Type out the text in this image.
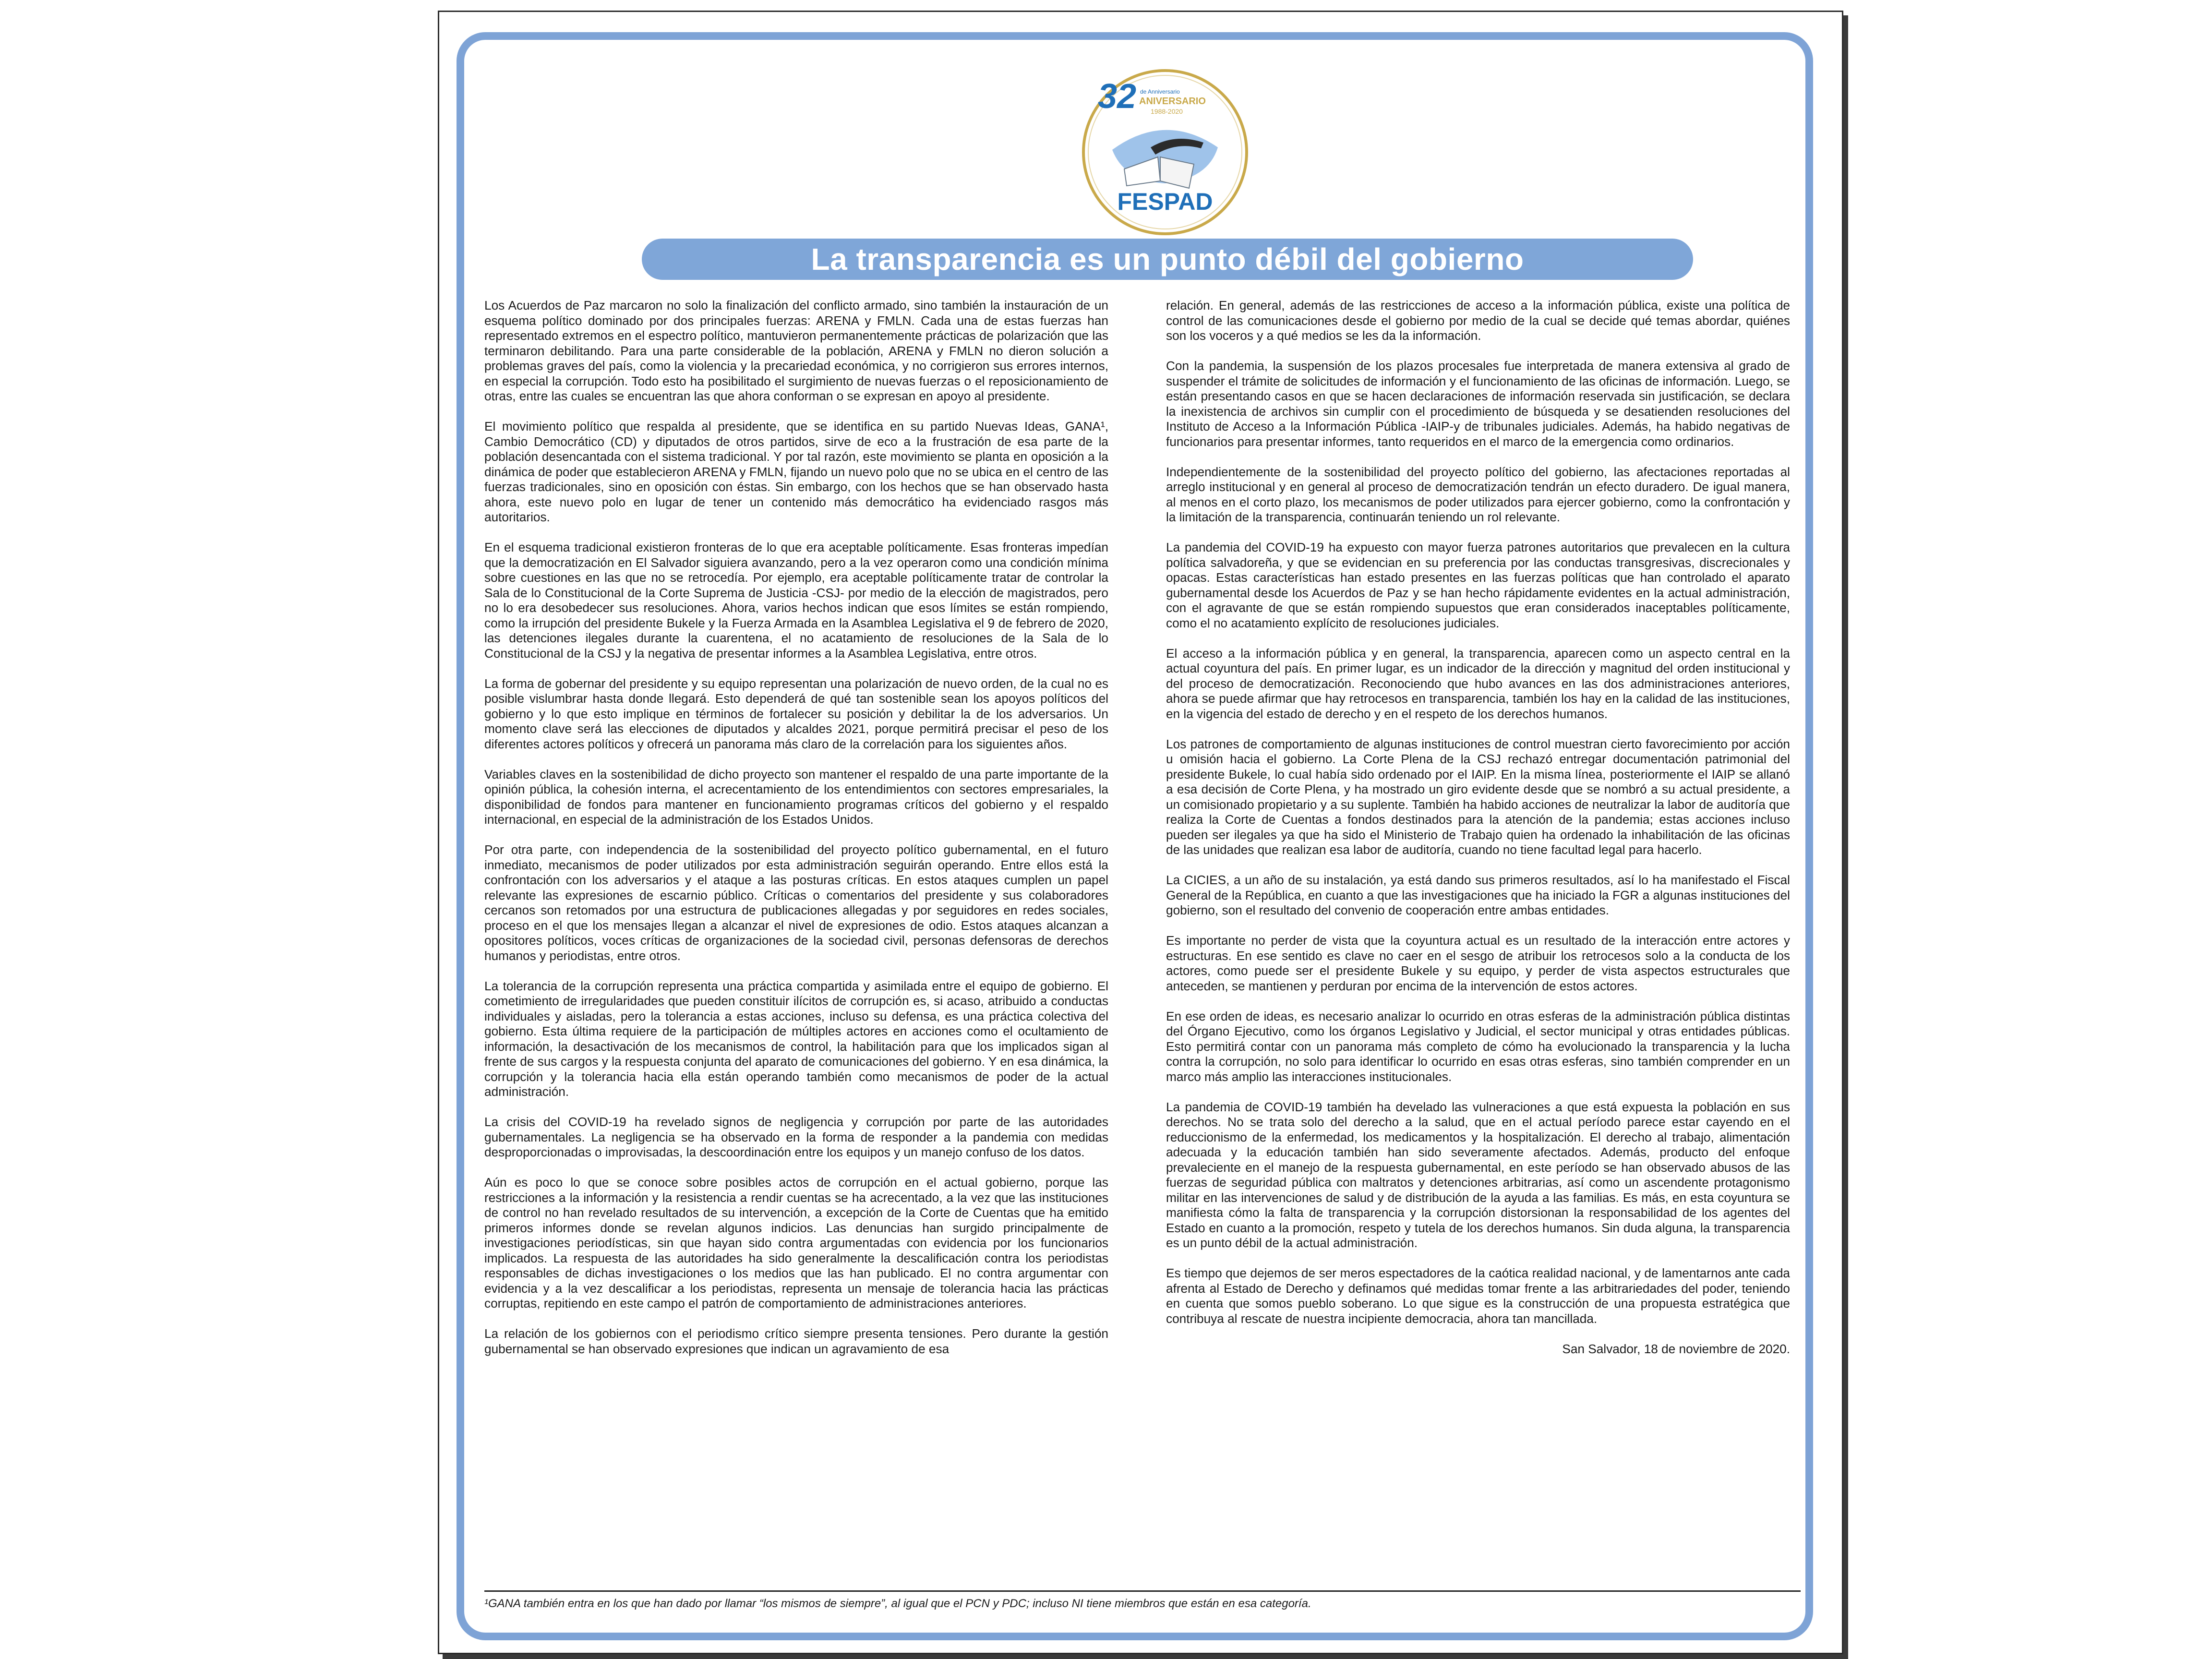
32 de Anniversario
ANIVERSARIO
1988-2020
FESPAD
La transparencia es un punto débil del gobierno

Los Acuerdos de Paz marcaron no solo la finalización del conflicto armado, sino también la instauración de un esquema político dominado por dos principales fuerzas: ARENA y FMLN. Cada una de estas fuerzas han representado extremos en el espectro político, mantuvieron permanentemente prácticas de polarización que las terminaron debilitando. Para una parte considerable de la población, ARENA y FMLN no dieron solución a problemas graves del país, como la violencia y la precariedad económica, y no corrigieron sus errores internos, en especial la corrupción. Todo esto ha posibilitado el surgimiento de nuevas fuerzas o el reposicionamiento de otras, entre las cuales se encuentran las que ahora conforman o se expresan en apoyo al presidente.

El movimiento político que respalda al presidente, que se identifica en su partido Nuevas Ideas, GANA¹, Cambio Democrático (CD) y diputados de otros partidos, sirve de eco a la frustración de esa parte de la población desencantada con el sistema tradicional. Y por tal razón, este movimiento se planta en oposición a la dinámica de poder que establecieron ARENA y FMLN, fijando un nuevo polo que no se ubica en el centro de las fuerzas tradicionales, sino en oposición con éstas. Sin embargo, con los hechos que se han observado hasta ahora, este nuevo polo en lugar de tener un contenido más democrático ha evidenciado rasgos más autoritarios.

En el esquema tradicional existieron fronteras de lo que era aceptable políticamente. Esas fronteras impedían que la democratización en El Salvador siguiera avanzando, pero a la vez operaron como una condición mínima sobre cuestiones en las que no se retrocedía. Por ejemplo, era aceptable políticamente tratar de controlar la Sala de lo Constitucional de la Corte Suprema de Justicia -CSJ- por medio de la elección de magistrados, pero no lo era desobedecer sus resoluciones. Ahora, varios hechos indican que esos límites se están rompiendo, como la irrupción del presidente Bukele y la Fuerza Armada en la Asamblea Legislativa el 9 de febrero de 2020, las detenciones ilegales durante la cuarentena, el no acatamiento de resoluciones de la Sala de lo Constitucional de la CSJ y la negativa de presentar informes a la Asamblea Legislativa, entre otros.

La forma de gobernar del presidente y su equipo representan una polarización de nuevo orden, de la cual no es posible vislumbrar hasta donde llegará. Esto dependerá de qué tan sostenible sean los apoyos políticos del gobierno y lo que esto implique en términos de fortalecer su posición y debilitar la de los adversarios. Un momento clave será las elecciones de diputados y alcaldes 2021, porque permitirá precisar el peso de los diferentes actores políticos y ofrecerá un panorama más claro de la correlación para los siguientes años.

Variables claves en la sostenibilidad de dicho proyecto son mantener el respaldo de una parte importante de la opinión pública, la cohesión interna, el acrecentamiento de los entendimientos con sectores empresariales, la disponibilidad de fondos para mantener en funcionamiento programas críticos del gobierno y el respaldo internacional, en especial de la administración de los Estados Unidos.

Por otra parte, con independencia de la sostenibilidad del proyecto político gubernamental, en el futuro inmediato, mecanismos de poder utilizados por esta administración seguirán operando. Entre ellos está la confrontación con los adversarios y el ataque a las posturas críticas. En estos ataques cumplen un papel relevante las expresiones de escarnio público. Críticas o comentarios del presidente y sus colaboradores cercanos son retomados por una estructura de publicaciones allegadas y por seguidores en redes sociales, proceso en el que los mensajes llegan a alcanzar el nivel de expresiones de odio. Estos ataques alcanzan a opositores políticos, voces críticas de organizaciones de la sociedad civil, personas defensoras de derechos humanos y periodistas, entre otros.

La tolerancia de la corrupción representa una práctica compartida y asimilada entre el equipo de gobierno. El cometimiento de irregularidades que pueden constituir ilícitos de corrupción es, si acaso, atribuido a conductas individuales y aisladas, pero la tolerancia a estas acciones, incluso su defensa, es una práctica colectiva del gobierno. Esta última requiere de la participación de múltiples actores en acciones como el ocultamiento de información, la desactivación de los mecanismos de control, la habilitación para que los implicados sigan al frente de sus cargos y la respuesta conjunta del aparato de comunicaciones del gobierno. Y en esa dinámica, la corrupción y la tolerancia hacia ella están operando también como mecanismos de poder de la actual administración.

La crisis del COVID-19 ha revelado signos de negligencia y corrupción por parte de las autoridades gubernamentales. La negligencia se ha observado en la forma de responder a la pandemia con medidas desproporcionadas o improvisadas, la descoordinación entre los equipos y un manejo confuso de los datos.

Aún es poco lo que se conoce sobre posibles actos de corrupción en el actual gobierno, porque las restricciones a la información y la resistencia a rendir cuentas se ha acrecentado, a la vez que las instituciones de control no han revelado resultados de su intervención, a excepción de la Corte de Cuentas que ha emitido primeros informes donde se revelan algunos indicios. Las denuncias han surgido principalmente de investigaciones periodísticas, sin que hayan sido contra argumentadas con evidencia por los funcionarios implicados. La respuesta de las autoridades ha sido generalmente la descalificación contra los periodistas responsables de dichas investigaciones o los medios que las han publicado. El no contra argumentar con evidencia y a la vez descalificar a los periodistas, representa un mensaje de tolerancia hacia las prácticas corruptas, repitiendo en este campo el patrón de comportamiento de administraciones anteriores.

La relación de los gobiernos con el periodismo crítico siempre presenta tensiones. Pero durante la gestión gubernamental se han observado expresiones que indican un agravamiento de esa

relación. En general, además de las restricciones de acceso a la información pública, existe una política de control de las comunicaciones desde el gobierno por medio de la cual se decide qué temas abordar, quiénes son los voceros y a qué medios se les da la información.

Con la pandemia, la suspensión de los plazos procesales fue interpretada de manera extensiva al grado de suspender el trámite de solicitudes de información y el funcionamiento de las oficinas de información. Luego, se están presentando casos en que se hacen declaraciones de información reservada sin justificación, se declara la inexistencia de archivos sin cumplir con el procedimiento de búsqueda y se desatienden resoluciones del Instituto de Acceso a la Información Pública -IAIP-y de tribunales judiciales. Además, ha habido negativas de funcionarios para presentar informes, tanto requeridos en el marco de la emergencia como ordinarios.

Independientemente de la sostenibilidad del proyecto político del gobierno, las afectaciones reportadas al arreglo institucional y en general al proceso de democratización tendrán un efecto duradero. De igual manera, al menos en el corto plazo, los mecanismos de poder utilizados para ejercer gobierno, como la confrontación y la limitación de la transparencia, continuarán teniendo un rol relevante.

La pandemia del COVID-19 ha expuesto con mayor fuerza patrones autoritarios que prevalecen en la cultura política salvadoreña, y que se evidencian en su preferencia por las conductas transgresivas, discrecionales y opacas. Estas características han estado presentes en las fuerzas políticas que han controlado el aparato gubernamental desde los Acuerdos de Paz y se han hecho rápidamente evidentes en la actual administración, con el agravante de que se están rompiendo supuestos que eran considerados inaceptables políticamente, como el no acatamiento explícito de resoluciones judiciales.

El acceso a la información pública y en general, la transparencia, aparecen como un aspecto central en la actual coyuntura del país. En primer lugar, es un indicador de la dirección y magnitud del orden institucional y del proceso de democratización. Reconociendo que hubo avances en las dos administraciones anteriores, ahora se puede afirmar que hay retrocesos en transparencia, también los hay en la calidad de las instituciones, en la vigencia del estado de derecho y en el respeto de los derechos humanos.

Los patrones de comportamiento de algunas instituciones de control muestran cierto favorecimiento por acción u omisión hacia el gobierno. La Corte Plena de la CSJ rechazó entregar documentación patrimonial del presidente Bukele, lo cual había sido ordenado por el IAIP. En la misma línea, posteriormente el IAIP se allanó a esa decisión de Corte Plena, y ha mostrado un giro evidente desde que se nombró a su actual presidente, a un comisionado propietario y a su suplente. También ha habido acciones de neutralizar la labor de auditoría que realiza la Corte de Cuentas a fondos destinados para la atención de la pandemia; estas acciones incluso pueden ser ilegales ya que ha sido el Ministerio de Trabajo quien ha ordenado la inhabilitación de las oficinas de las unidades que realizan esa labor de auditoría, cuando no tiene facultad legal para hacerlo.

La CICIES, a un año de su instalación, ya está dando sus primeros resultados, así lo ha manifestado el Fiscal General de la República, en cuanto a que las investigaciones que ha iniciado la FGR a algunas instituciones del gobierno, son el resultado del convenio de cooperación entre ambas entidades.

Es importante no perder de vista que la coyuntura actual es un resultado de la interacción entre actores y estructuras. En ese sentido es clave no caer en el sesgo de atribuir los retrocesos solo a la conducta de los actores, como puede ser el presidente Bukele y su equipo, y perder de vista aspectos estructurales que anteceden, se mantienen y perduran por encima de la intervención de estos actores.

En ese orden de ideas, es necesario analizar lo ocurrido en otras esferas de la administración pública distintas del Órgano Ejecutivo, como los órganos Legislativo y Judicial, el sector municipal y otras entidades públicas. Esto permitirá contar con un panorama más completo de cómo ha evolucionado la transparencia y la lucha contra la corrupción, no solo para identificar lo ocurrido en esas otras esferas, sino también comprender en un marco más amplio las interacciones institucionales.

La pandemia de COVID-19 también ha develado las vulneraciones a que está expuesta la población en sus derechos. No se trata solo del derecho a la salud, que en el actual período parece estar cayendo en el reduccionismo de la enfermedad, los medicamentos y la hospitalización. El derecho al trabajo, alimentación adecuada y la educación también han sido severamente afectados. Además, producto del enfoque prevaleciente en el manejo de la respuesta gubernamental, en este período se han observado abusos de las fuerzas de seguridad pública con maltratos y detenciones arbitrarias, así como un ascendente protagonismo militar en las intervenciones de salud y de distribución de la ayuda a las familias. Es más, en esta coyuntura se manifiesta cómo la falta de transparencia y la corrupción distorsionan la responsabilidad de los agentes del Estado en cuanto a la promoción, respeto y tutela de los derechos humanos. Sin duda alguna, la transparencia es un punto débil de la actual administración.

Es tiempo que dejemos de ser meros espectadores de la caótica realidad nacional, y de lamentarnos ante cada afrenta al Estado de Derecho y definamos qué medidas tomar frente a las arbitrariedades del poder, teniendo en cuenta que somos pueblo soberano. Lo que sigue es la construcción de una propuesta estratégica que contribuya al rescate de nuestra incipiente democracia, ahora tan mancillada.

San Salvador, 18 de noviembre de 2020.

¹GANA también entra en los que han dado por llamar “los mismos de siempre”, al igual que el PCN y PDC; incluso NI tiene miembros que están en esa categoría.
